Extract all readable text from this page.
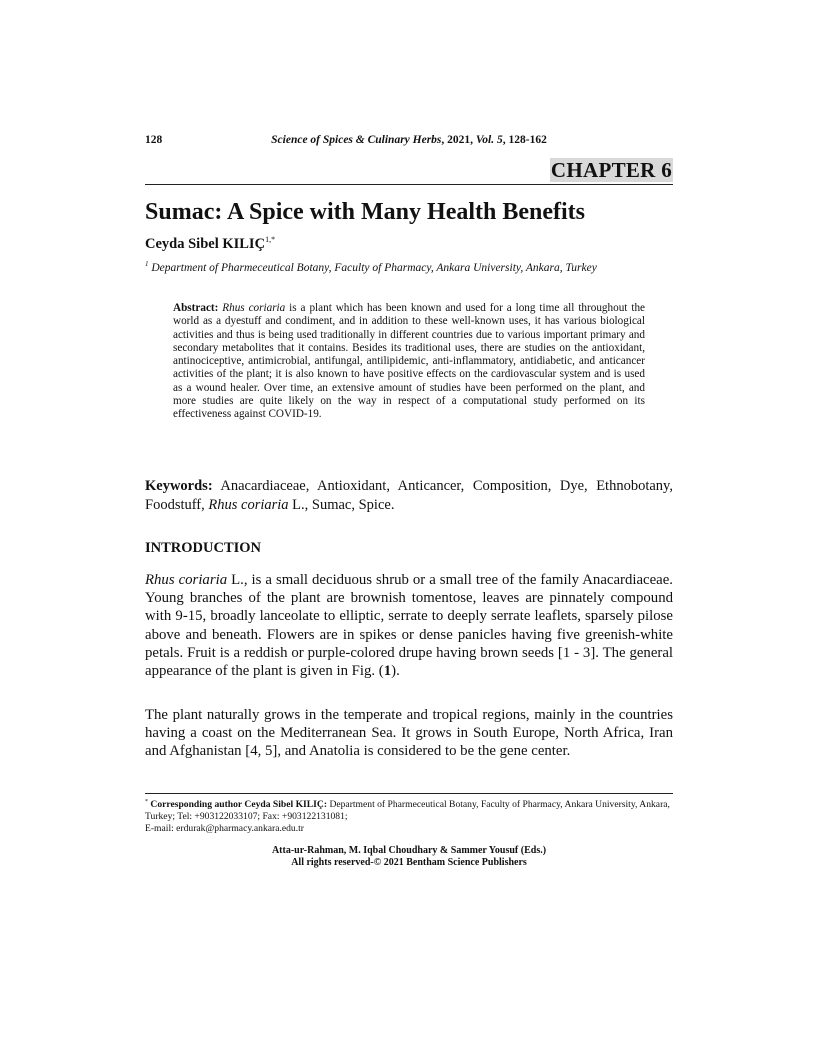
128	Science of Spices & Culinary Herbs, 2021, Vol. 5, 128-162
CHAPTER 6
Sumac: A Spice with Many Health Benefits
Ceyda Sibel $KILIÇ^{1,*}$
$^1$ Department of Pharmeceutical Botany, Faculty of Pharmacy, Ankara University, Ankara, Turkey
Abstract: Rhus coriaria is a plant which has been known and used for a long time all throughout the world as a dyestuff and condiment, and in addition to these well-known uses, it has various biological activities and thus is being used traditionally in different countries due to various important primary and secondary metabolites that it contains. Besides its traditional uses, there are studies on the antioxidant, antinociceptive, antimicrobial, antifungal, antilipidemic, anti-inflammatory, antidiabetic, and anticancer activities of the plant; it is also known to have positive effects on the cardiovascular system and is used as a wound healer. Over time, an extensive amount of studies have been performed on the plant, and more studies are quite likely on the way in respect of a computational study performed on its effectiveness against COVID-19.
Keywords: Anacardiaceae, Antioxidant, Anticancer, Composition, Dye, Ethnobotany, Foodstuff, Rhus coriaria L., Sumac, Spice.
INTRODUCTION
Rhus coriaria L., is a small deciduous shrub or a small tree of the family Anacardiaceae. Young branches of the plant are brownish tomentose, leaves are pinnately compound with 9-15, broadly lanceolate to elliptic, serrate to deeply serrate leaflets, sparsely pilose above and beneath. Flowers are in spikes or dense panicles having five greenish-white petals. Fruit is a reddish or purple-colored drupe having brown seeds [1 - 3]. The general appearance of the plant is given in Fig. (1).
The plant naturally grows in the temperate and tropical regions, mainly in the countries having a coast on the Mediterranean Sea. It grows in South Europe, North Africa, Iran and Afghanistan [4, 5], and Anatolia is considered to be the gene center.
* Corresponding author Ceyda Sibel KILIÇ: Department of Pharmeceutical Botany, Faculty of Pharmacy, Ankara University, Ankara, Turkey; Tel: +903122033107; Fax: +903122131081;
E-mail: erdurak@pharmacy.ankara.edu.tr
Atta-ur-Rahman, M. Iqbal Choudhary & Sammer Yousuf (Eds.)
All rights reserved-© 2021 Bentham Science Publishers
